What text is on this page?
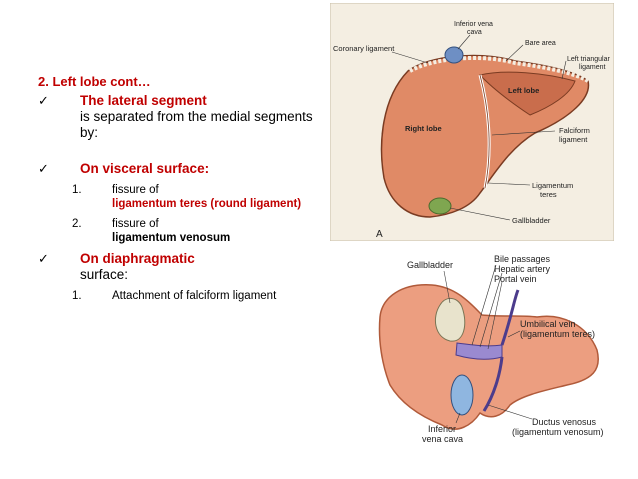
2. Left lobe cont…
✓	The lateral segment
is separated from the medial segments by:
✓	On visceral surface:
1.	fissure of
ligamentum teres (round ligament)
2.	fissure of
ligamentum venosum
✓	On diaphragmatic
surface:
1.	Attachment of falciform ligament
Coronary ligament
Inferior vena
cava
Bare area
Left triangular
ligament
Left lobe
Right lobe	Falciform
ligament
Ligamentum
teres
Gallbladder
A
Gallbladder
Bile passages
Hepatic artery
Portal vein
Umbilical vein
(ligamentum teres)
Inferior
vena cava
Ductus venosus
(ligamentum venosum)
